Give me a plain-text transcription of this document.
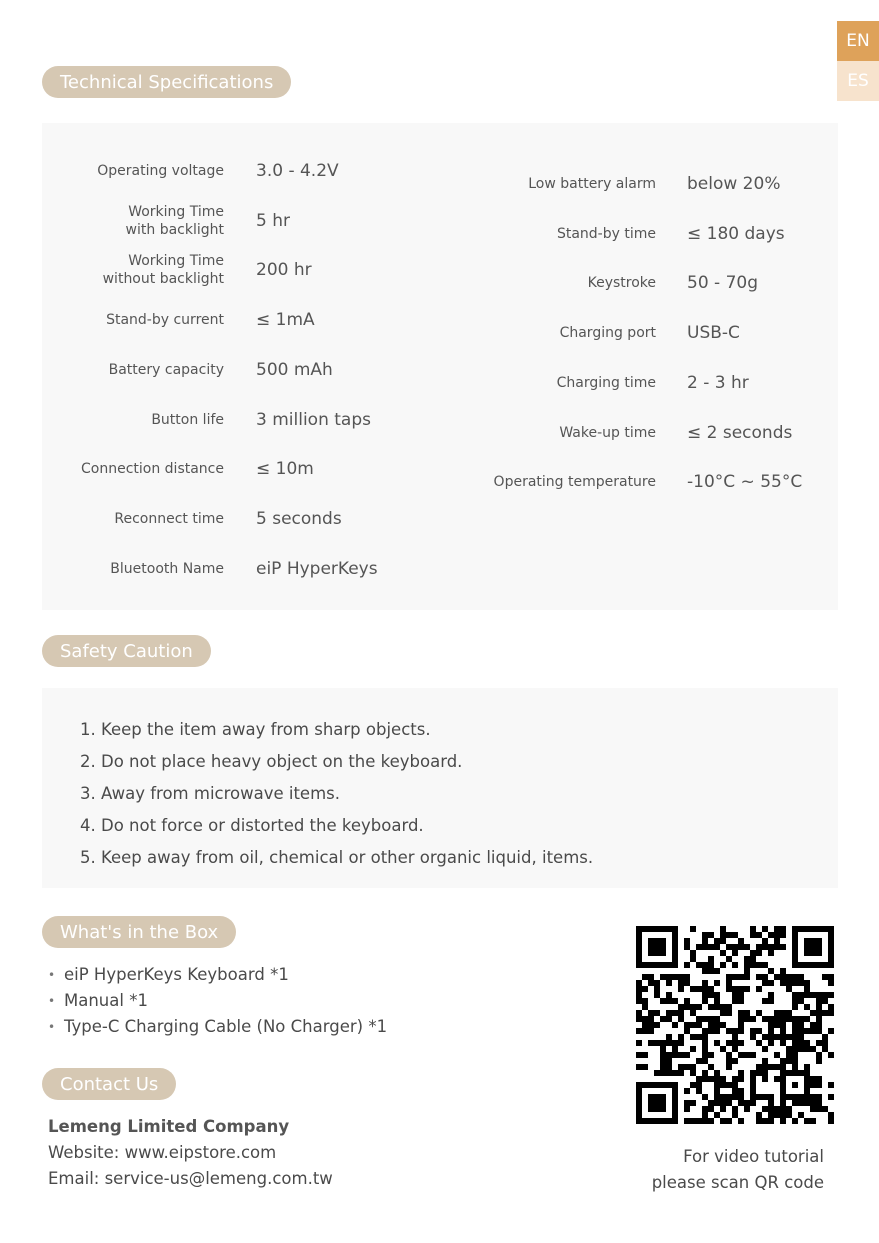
EN
ES
Technical Specifications
Operating voltage 3.0 - 4.2V
Working Time
with backlight 5 hr
Working Time
without backlight 200 hr
Stand-by current ≤ 1mA
Battery capacity 500 mAh
Button life 3 million taps
Connection distance ≤ 10m
Reconnect time 5 seconds
Bluetooth Name eiP HyperKeys
Low battery alarm below 20%
Stand-by time ≤ 180 days
Keystroke 50 - 70g
Charging port USB-C
Charging time 2 - 3 hr
Wake-up time ≤ 2 seconds
Operating temperature -10°C ~ 55°C
Safety Caution
1. Keep the item away from sharp objects.
2. Do not place heavy object on the keyboard.
3. Away from microwave items.
4. Do not force or distorted the keyboard.
5. Keep away from oil, chemical or other organic liquid, items.
What's in the Box
• eiP HyperKeys Keyboard *1
• Manual *1
• Type-C Charging Cable (No Charger) *1
Contact Us
Lemeng Limited Company
Website: www.eipstore.com
Email: service-us@lemeng.com.tw
For video tutorial
please scan QR code
